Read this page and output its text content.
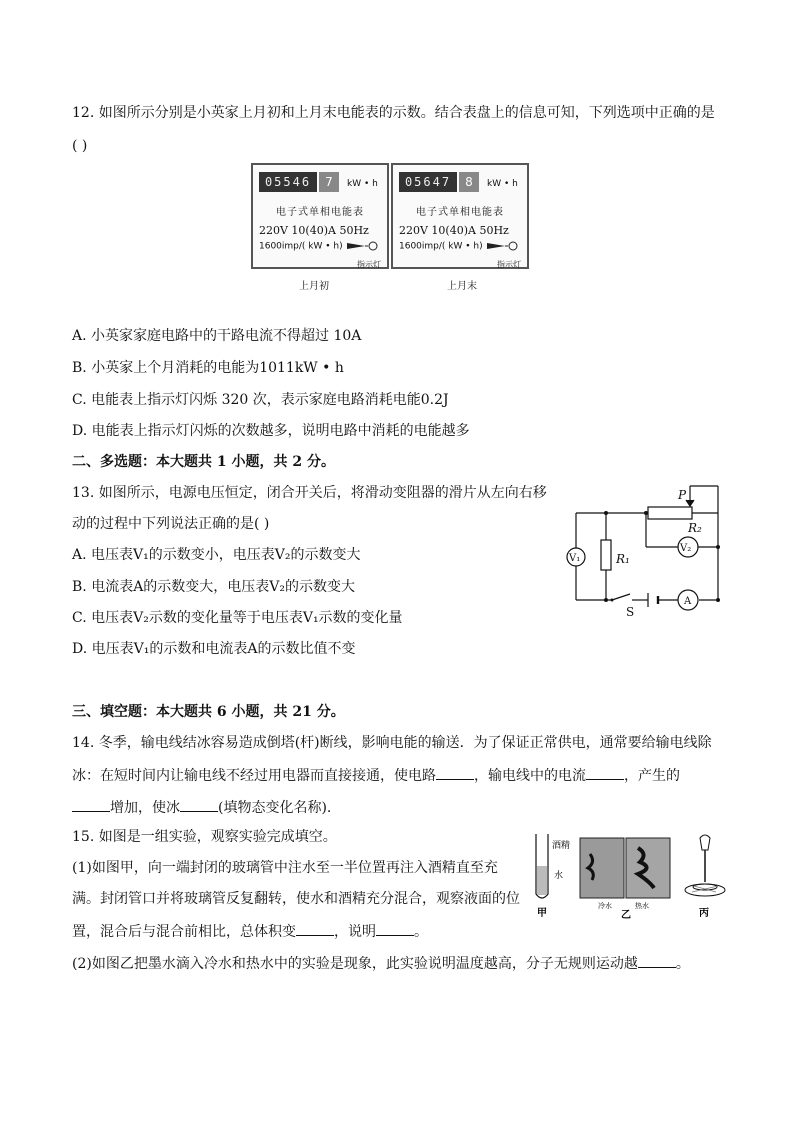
12. 如图所示分别是小英家上月初和上月末电能表的示数。结合表盘上的信息可知，下列选项中正确的是
( )
05546	7	kW • h
电子式单相电能表
220V 10(40)A 50Hz
1600imp/( kW • h)
指示灯
上月初
05647	8	kW • h
电子式单相电能表
220V 10(40)A 50Hz
1600imp/( kW • h)
指示灯
上月末
A. 小英家家庭电路中的干路电流不得超过 10A
B. 小英家上个月消耗的电能为1011kW • h
C. 电能表上指示灯闪烁 320 次，表示家庭电路消耗电能0.2J
D. 电能表上指示灯闪烁的次数越多，说明电路中消耗的电能越多
二、多选题：本大题共 1 小题，共 2 分。
13. 如图所示，电源电压恒定，闭合开关后，将滑动变阻器的滑片从左向右移
动的过程中下列说法正确的是( )
A. 电压表V₁的示数变小，电压表V₂的示数变大
B. 电流表A的示数变大，电压表V₂的示数变大
C. 电压表V₂示数的变化量等于电压表V₁示数的变化量
D. 电压表V₁的示数和电流表A的示数比值不变
P
R₂
V₂
V₁	R₁
A
S
三、填空题：本大题共 6 小题，共 21 分。
14. 冬季，输电线结冰容易造成倒塔(杆)断线，影响电能的输送．为了保证正常供电，通常要给输电线除
冰：在短时间内让输电线不经过用电器而直接接通，使电路	，输电线中的电流	，产生的
增加，使冰	(填物态变化名称).
15. 如图是一组实验，观察实验完成填空。
(1)如图甲，向一端封闭的玻璃管中注水至一半位置再注入酒精直至充
满。封闭管口并将玻璃管反复翻转，使水和酒精充分混合，观察液面的位
置，混合后与混合前相比，总体积变	，说明	。
(2)如图乙把墨水滴入冷水和热水中的实验是现象，此实验说明温度越高，分子无规则运动越	。
酒精
水
甲
冷水	热水
乙	丙
